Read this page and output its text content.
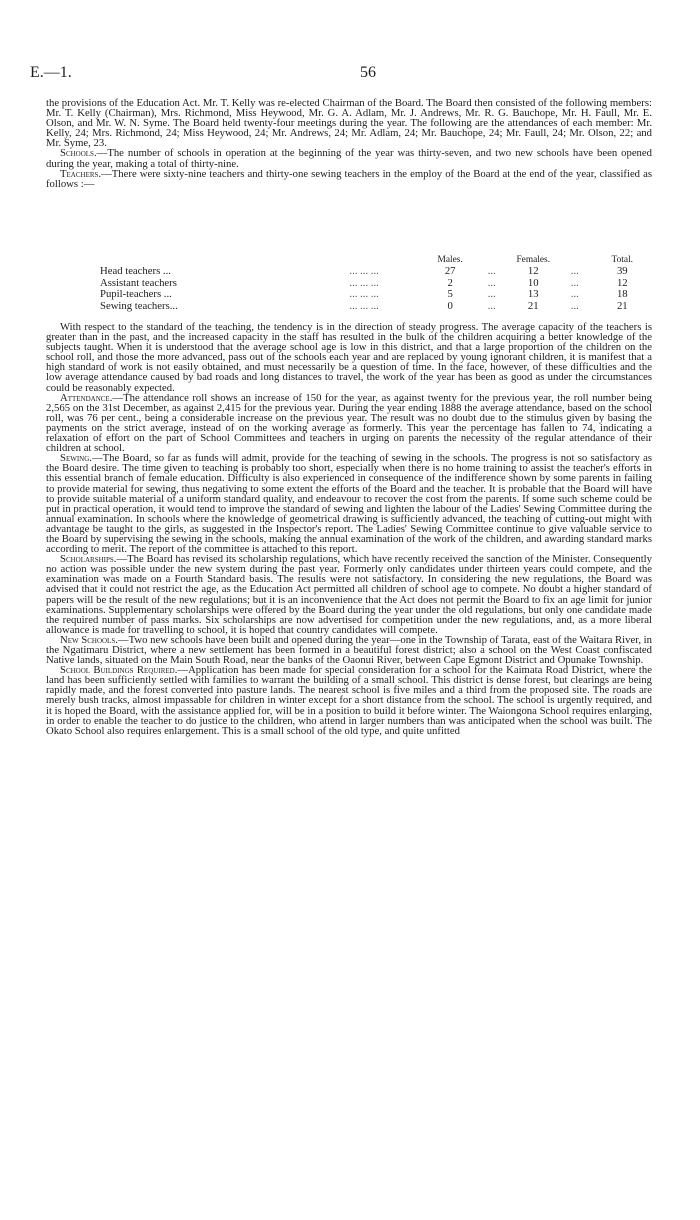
E.—1.	56

the provisions of the Education Act. Mr. T. Kelly was re-elected Chairman of the Board. The Board then consisted of the following members: Mr. T. Kelly (Chairman), Mrs. Richmond, Miss Heywood, Mr. G. A. Adlam, Mr. J. Andrews, Mr. R. G. Bauchope, Mr. H. Faull, Mr. E. Olson, and Mr. W. N. Syme. The Board held twenty-four meetings during the year. The following are the attendances of each member: Mr. Kelly, 24; Mrs. Richmond, 24; Miss Heywood, 24; Mr. Andrews, 24; Mr. Adlam, 24; Mr. Bauchope, 24; Mr. Faull, 24; Mr. Olson, 22; and Mr. Syme, 23.

Schools.—The number of schools in operation at the beginning of the year was thirty-seven, and two new schools have been opened during the year, making a total of thirty-nine.

Teachers.—There were sixty-nine teachers and thirty-one sewing teachers in the employ of the Board at the end of the year, classified as follows :—

		Males.		Females.		Total.
Head teachers ...	... ... ...	27	...	12	...	39
Assistant teachers	... ... ...	2	...	10	...	12
Pupil-teachers ...	... ... ...	5	...	13	...	18
Sewing teachers...	... ... ...	0	...	21	...	21

With respect to the standard of the teaching, the tendency is in the direction of steady progress. The average capacity of the teachers is greater than in the past, and the increased capacity in the staff has resulted in the bulk of the children acquiring a better knowledge of the subjects taught. When it is understood that the average school age is low in this district, and that a large proportion of the children on the school roll, and those the more advanced, pass out of the schools each year and are replaced by young ignorant children, it is manifest that a high standard of work is not easily obtained, and must necessarily be a question of time. In the face, however, of these difficulties and the low average attendance caused by bad roads and long distances to travel, the work of the year has been as good as under the circumstances could be reasonably expected.

Attendance.—The attendance roll shows an increase of 150 for the year, as against twenty for the previous year, the roll number being 2,565 on the 31st December, as against 2,415 for the previous year. During the year ending 1888 the average attendance, based on the school roll, was 76 per cent., being a considerable increase on the previous year. The result was no doubt due to the stimulus given by basing the payments on the strict average, instead of on the working average as formerly. This year the percentage has fallen to 74, indicating a relaxation of effort on the part of School Committees and teachers in urging on parents the necessity of the regular attendance of their children at school.

Sewing.—The Board, so far as funds will admit, provide for the teaching of sewing in the schools. The progress is not so satisfactory as the Board desire. The time given to teaching is probably too short, especially when there is no home training to assist the teacher's efforts in this essential branch of female education. Difficulty is also experienced in consequence of the indifference shown by some parents in failing to provide material for sewing, thus negativing to some extent the efforts of the Board and the teacher. It is probable that the Board will have to provide suitable material of a uniform standard quality, and endeavour to recover the cost from the parents. If some such scheme could be put in practical operation, it would tend to improve the standard of sewing and lighten the labour of the Ladies' Sewing Committee during the annual examination. In schools where the knowledge of geometrical drawing is sufficiently advanced, the teaching of cutting-out might with advantage be taught to the girls, as suggested in the Inspector's report. The Ladies' Sewing Committee continue to give valuable service to the Board by supervising the sewing in the schools, making the annual examination of the work of the children, and awarding standard marks according to merit. The report of the committee is attached to this report.

Scholarships.—The Board has revised its scholarship regulations, which have recently received the sanction of the Minister. Consequently no action was possible under the new system during the past year. Formerly only candidates under thirteen years could compete, and the examination was made on a Fourth Standard basis. The results were not satisfactory. In considering the new regulations, the Board was advised that it could not restrict the age, as the Education Act permitted all children of school age to compete. No doubt a higher standard of papers will be the result of the new regulations; but it is an inconvenience that the Act does not permit the Board to fix an age limit for junior examinations. Supplementary scholarships were offered by the Board during the year under the old regulations, but only one candidate made the required number of pass marks. Six scholarships are now advertised for competition under the new regulations, and, as a more liberal allowance is made for travelling to school, it is hoped that country candidates will compete.

New Schools.—Two new schools have been built and opened during the year—one in the Township of Tarata, east of the Waitara River, in the Ngatimaru District, where a new settlement has been formed in a beautiful forest district; also a school on the West Coast confiscated Native lands, situated on the Main South Road, near the banks of the Oaonui River, between Cape Egmont District and Opunake Township.

School Buildings Required.—Application has been made for special consideration for a school for the Kaimata Road District, where the land has been sufficiently settled with families to warrant the building of a small school. This district is dense forest, but clearings are being rapidly made, and the forest converted into pasture lands. The nearest school is five miles and a third from the proposed site. The roads are merely bush tracks, almost impassable for children in winter except for a short distance from the school. The school is urgently required, and it is hoped the Board, with the assistance applied for, will be in a position to build it before winter. The Waiongona School requires enlarging, in order to enable the teacher to do justice to the children, who attend in larger numbers than was anticipated when the school was built. The Okato School also requires enlargement. This is a small school of the old type, and quite unfitted
